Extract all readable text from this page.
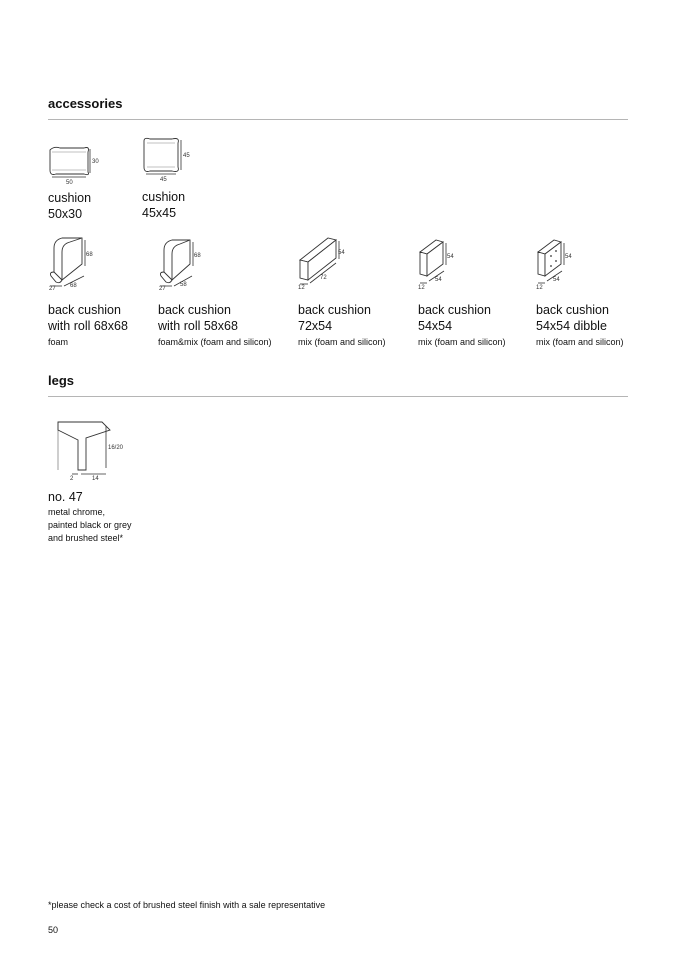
accessories
30
50
cushion
50x30
45
45
cushion
45x45
68
27 68
back cushion
with roll 68x68
foam
68
27
58
back cushion
with roll 58x68
foam&mix (foam and silicon)
54
12
72
back cushion
72x54
mix (foam and silicon)
54
12
54
back cushion
54x54
mix (foam and silicon)
54
12
54
back cushion
54x54 dibble
mix (foam and silicon)
legs
16/20
2	14
no. 47
metal chrome,
painted black or grey
and brushed steel*
*please check a cost of brushed steel finish with a sale representative
50
